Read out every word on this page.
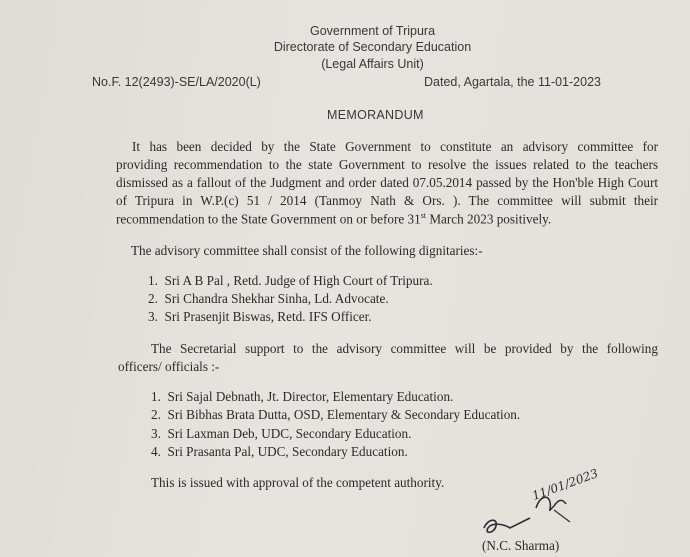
Government of Tripura
Directorate of Secondary Education
(Legal Affairs Unit)
No.F. 12(2493)-SE/LA/2020(L)	Dated, Agartala, the 11-01-2023
MEMORANDUM
It has been decided by the State Government to constitute an advisory committee for
providing recommendation to the state Government to resolve the issues related to the teachers
dismissed as a fallout of the Judgment and order dated 07.05.2014 passed by the Hon'ble High Court
of Tripura in W.P.(c) 51 / 2014 (Tanmoy Nath & Ors. ). The committee will submit their
recommendation to the State Government on or before 31st March 2023 positively.
The advisory committee shall consist of the following dignitaries:-
1. Sri A B Pal , Retd. Judge of High Court of Tripura.
2. Sri Chandra Shekhar Sinha, Ld. Advocate.
3. Sri Prasenjit Biswas, Retd. IFS Officer.
The Secretarial support to the advisory committee will be provided by the following
officers/ officials :-
1. Sri Sajal Debnath, Jt. Director, Elementary Education.
2. Sri Bibhas Brata Dutta, OSD, Elementary & Secondary Education.
3. Sri Laxman Deb, UDC, Secondary Education.
4. Sri Prasanta Pal, UDC, Secondary Education.
This is issued with approval of the competent authority.	11/01/2023
(N.C. Sharma)
